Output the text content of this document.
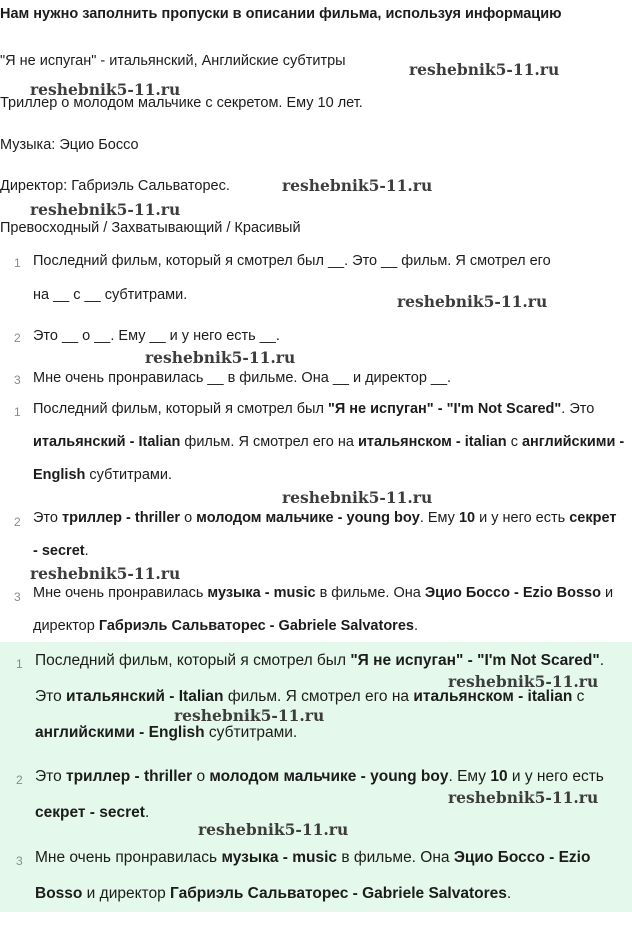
Нам нужно заполнить пропуски в описании фильма, используя информацию
"Я не испуган" - итальянский, Английские субтитры
Триллер о молодом мальчике с секретом. Ему 10 лет.
Музыка: Эцио Боссо
Директор: Габриэль Сальваторес.
Превосходный / Захватывающий / Красивый
1 Последний фильм, который я смотрел был __. Это __ фильм. Я смотрел его
на __ с __ субтитрами.
2 Это __ о __. Ему __ и у него есть __.
3 Мне очень пронравилась __ в фильме. Она __ и директор __.
1 Последний фильм, который я смотрел был "Я не испуган" - "I'm Not Scared". Это итальянский - Italian фильм. Я смотрел его на итальянском - italian с английскими - English субтитрами.
2 Это триллер - thriller о молодом мальчике - young boy. Ему 10 и у него есть секрет - secret.
3 Мне очень пронравилась музыка - music в фильме. Она Эцио Боссо - Ezio Bosso и директор Габриэль Сальваторес - Gabriele Salvatores.
1 Последний фильм, который я смотрел был "Я не испуган" - "I'm Not Scared". Это итальянский - Italian фильм. Я смотрел его на итальянском - italian с английскими - English субтитрами.
2 Это триллер - thriller о молодом мальчике - young boy. Ему 10 и у него есть секрет - secret.
3 Мне очень пронравилась музыка - music в фильме. Она Эцио Боссо - Ezio Bosso и директор Габриэль Сальваторес - Gabriele Salvatores.
reshebnik5-11.ru
reshebnik5-11.ru
reshebnik5-11.ru
reshebnik5-11.ru
reshebnik5-11.ru
reshebnik5-11.ru
reshebnik5-11.ru
reshebnik5-11.ru
reshebnik5-11.ru
reshebnik5-11.ru
reshebnik5-11.ru
reshebnik5-11.ru
